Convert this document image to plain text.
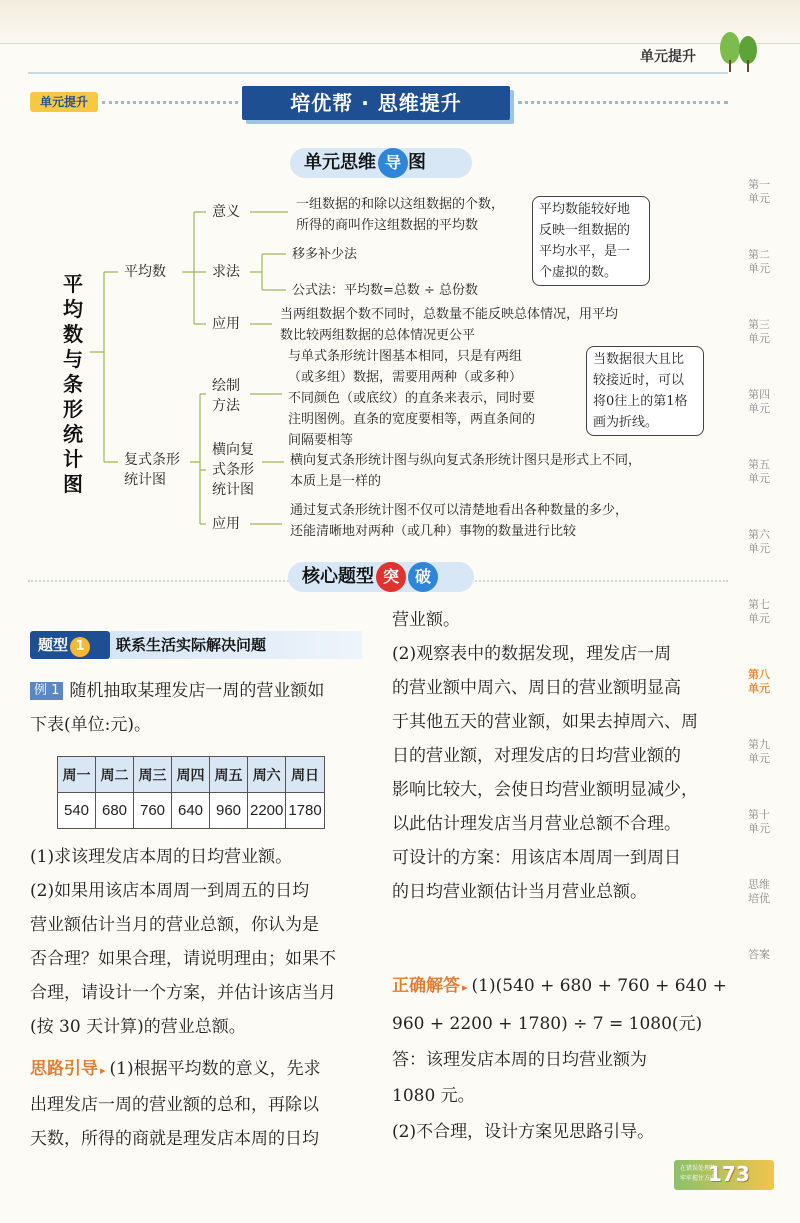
单元提升
单元提升	培优帮 · 思维提升
单元思维 导 图
平均数与条形统计图
平均数
意义	一组数据的和除以这组数据的个数，
所得的商叫作这组数据的平均数
平均数能较好地
反映一组数据的
平均水平，是一
个虚拟的数。
求法
移多补少法
公式法：平均数=总数 ÷ 总份数
应用
当两组数据个数不同时，总数量不能反映总体情况，用平均
数比较两组数据的总体情况更公平
复式条形
统计图
绘制
方法
与单式条形统计图基本相同，只是有两组
（或多组）数据，需要用两种（或多种）
不同颜色（或底纹）的直条来表示，同时要
注明图例。直条的宽度要相等，两直条间的
间隔要相等
当数据很大且比
较接近时，可以
将0往上的第1格
画为折线。
横向复
式条形
统计图
横向复式条形统计图与纵向复式条形统计图只是形式上不同，
本质上是一样的
应用
通过复式条形统计图不仅可以清楚地看出各种数量的多少，
还能清晰地对两种（或几种）事物的数量进行比较
核心题型 突 破
第一单元
第二单元
第三单元
第四单元
第五单元
第六单元
第七单元
第八单元
第九单元
第十单元
思维培优
答案
题型 1	联系生活实际解决问题
例 1 随机抽取某理发店一周的营业额如
下表(单位:元)。
周一	周二	周三	周四	周五	周六	周日
540	680	760	640	960	2200	1780
(1)求该理发店本周的日均营业额。
(2)如果用该店本周周一到周五的日均
营业额估计当月的营业总额，你认为是
否合理？如果合理，请说明理由；如果不
合理，请设计一个方案，并估计该店当月
(按 30 天计算)的营业总额。
思路引导 ▸ (1)根据平均数的意义，先求
出理发店一周的营业额的总和，再除以
天数，所得的商就是理发店本周的日均
营业额。
(2)观察表中的数据发现，理发店一周
的营业额中周六、周日的营业额明显高
于其他五天的营业额，如果去掉周六、周
日的营业额，对理发店的日均营业额的
影响比较大，会使日均营业额明显减少，
以此估计理发店当月营业总额不合理。
可设计的方案：用该店本周周一到周日
的日均营业额估计当月营业总额。
正确解答 ▸ (1)(540 + 680 + 760 + 640 +
960 + 2200 + 1780) ÷ 7 = 1080(元)
答：该理发店本周的日均营业额为
1080 元。
(2)不合理，设计方案见思路引导。
在错误处理想
牢牢握住方向
173
